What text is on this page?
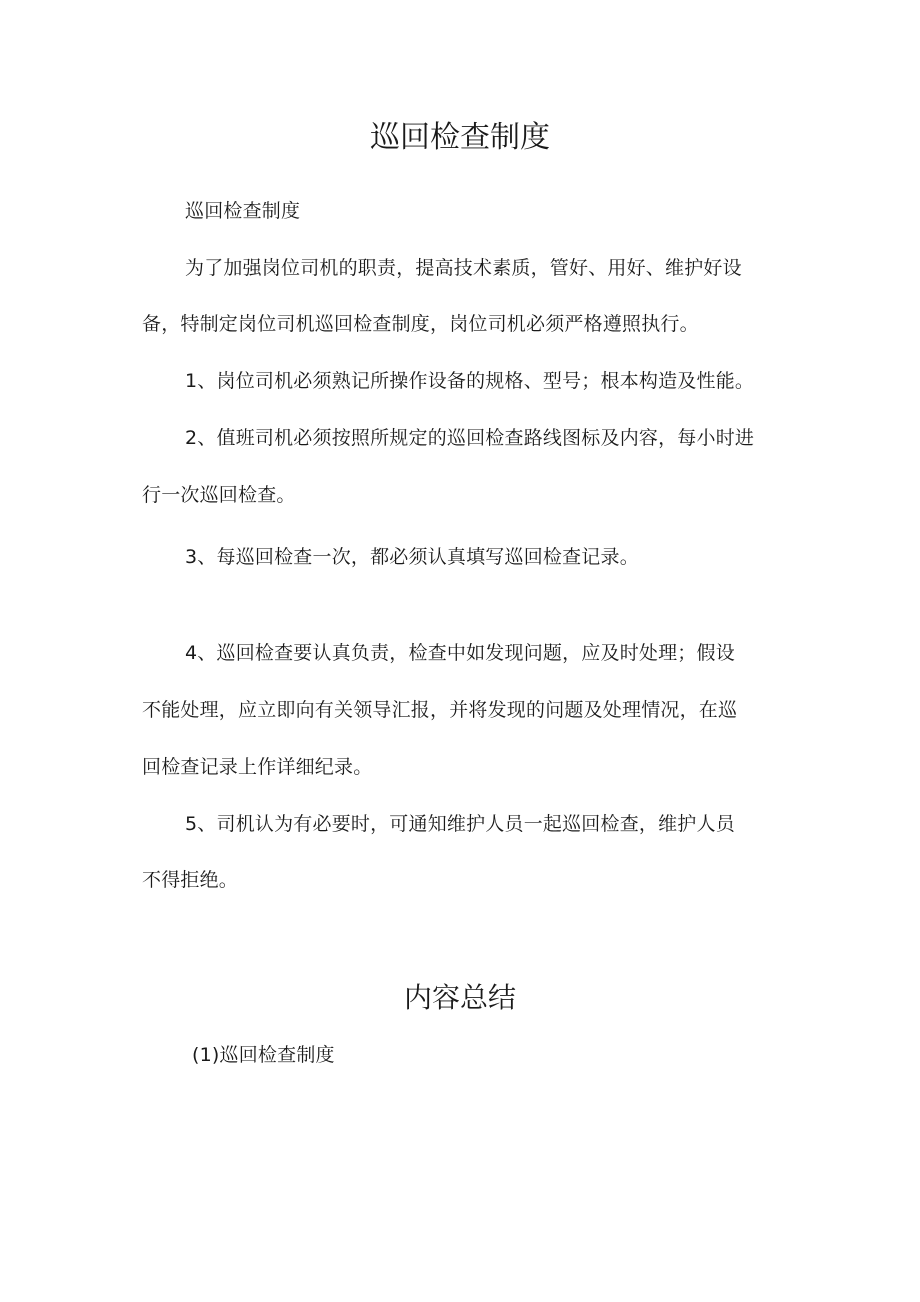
巡回检查制度
巡回检查制度
为了加强岗位司机的职责，提高技术素质，管好、用好、维护好设
备，特制定岗位司机巡回检查制度，岗位司机必须严格遵照执行。
1、岗位司机必须熟记所操作设备的规格、型号；根本构造及性能。
2、值班司机必须按照所规定的巡回检查路线图标及内容，每小时进
行一次巡回检查。
3、每巡回检查一次，都必须认真填写巡回检查记录。
4、巡回检查要认真负责，检查中如发现问题，应及时处理；假设
不能处理，应立即向有关领导汇报，并将发现的问题及处理情况，在巡
回检查记录上作详细纪录。
5、司机认为有必要时，可通知维护人员一起巡回检查，维护人员
不得拒绝。
内容总结
(1)巡回检查制度
